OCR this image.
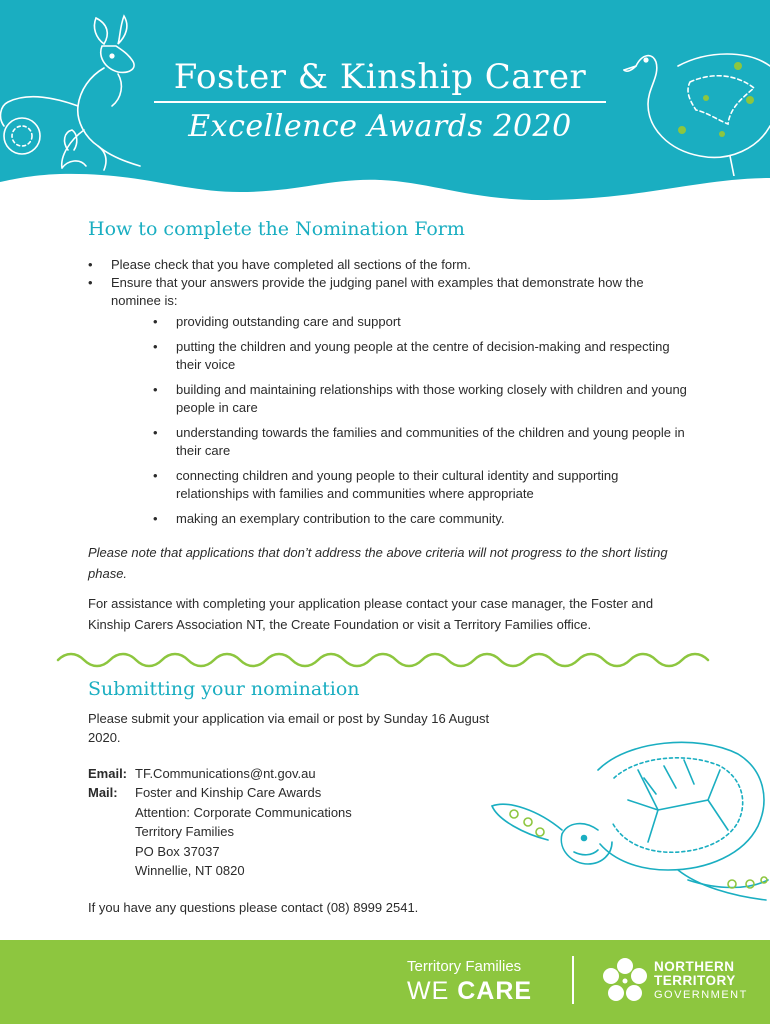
Foster & Kinship Carer
Excellence Awards 2020
How to complete the Nomination Form
• Please check that you have completed all sections of the form.
• Ensure that your answers provide the judging panel with examples that demonstrate how the nominee is:
• providing outstanding care and support
• putting the children and young people at the centre of decision-making and respecting their voice
• building and maintaining relationships with those working closely with children and young people in care
• understanding towards the families and communities of the children and young people in their care
• connecting children and young people to their cultural identity and supporting relationships with families and communities where appropriate
• making an exemplary contribution to the care community.
Please note that applications that don’t address the above criteria will not progress to the short listing phase.
For assistance with completing your application please contact your case manager, the Foster and Kinship Carers Association NT, the Create Foundation or visit a Territory Families office.
Submitting your nomination
Please submit your application via email or post by Sunday 16 August 2020.
Email: TF.Communications@nt.gov.au
Mail:	Foster and Kinship Care Awards
Attention: Corporate Communications
Territory Families
PO Box 37037
Winnellie, NT 0820
If you have any questions please contact (08) 8999 2541.
Territory Families
WE CARE
NORTHERN
TERRITORY
GOVERNMENT
